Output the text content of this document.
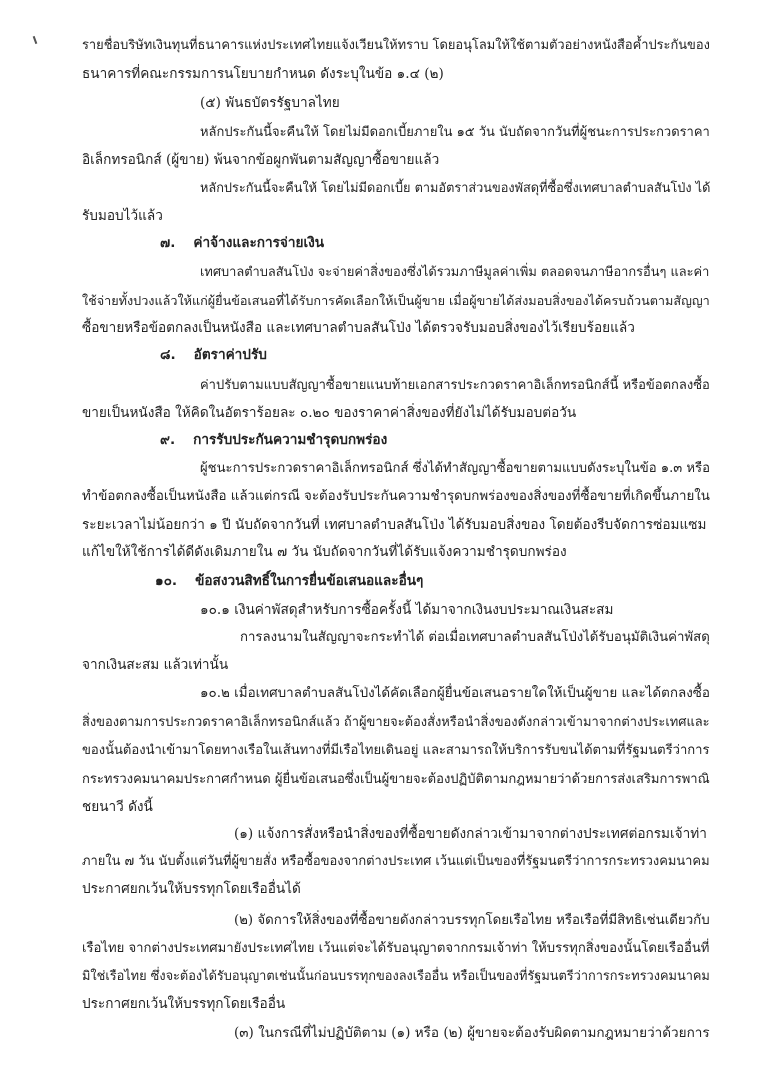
รายชื่อบริษัทเงินทุนที่ธนาคารแห่งประเทศไทยแจ้งเวียนให้ทราบ โดยอนุโลมให้ใช้ตามตัวอย่างหนังสือค้ำประกันของ
ธนาคารที่คณะกรรมการนโยบายกำหนด ดังระบุในข้อ ๑.๔ (๒)
(๕) พันธบัตรรัฐบาลไทย
หลักประกันนี้จะคืนให้ โดยไม่มีดอกเบี้ยภายใน ๑๕ วัน นับถัดจากวันที่ผู้ชนะการประกวดราคา
อิเล็กทรอนิกส์ (ผู้ขาย) พ้นจากข้อผูกพันตามสัญญาซื้อขายแล้ว
หลักประกันนี้จะคืนให้ โดยไม่มีดอกเบี้ย ตามอัตราส่วนของพัสดุที่ซื้อซึ่งเทศบาลตำบลสันโป่ง ได้
รับมอบไว้แล้ว
๗. ค่าจ้างและการจ่ายเงิน
เทศบาลตำบลสันโป่ง จะจ่ายค่าสิ่งของซึ่งได้รวมภาษีมูลค่าเพิ่ม ตลอดจนภาษีอากรอื่นๆ และค่า
ใช้จ่ายทั้งปวงแล้วให้แก่ผู้ยื่นข้อเสนอที่ได้รับการคัดเลือกให้เป็นผู้ขาย เมื่อผู้ขายได้ส่งมอบสิ่งของได้ครบถ้วนตามสัญญา
ซื้อขายหรือข้อตกลงเป็นหนังสือ และเทศบาลตำบลสันโป่ง ได้ตรวจรับมอบสิ่งของไว้เรียบร้อยแล้ว
๘. อัตราค่าปรับ
ค่าปรับตามแบบสัญญาซื้อขายแนบท้ายเอกสารประกวดราคาอิเล็กทรอนิกส์นี้ หรือข้อตกลงซื้อ
ขายเป็นหนังสือ ให้คิดในอัตราร้อยละ ๐.๒๐ ของราคาค่าสิ่งของที่ยังไม่ได้รับมอบต่อวัน
๙. การรับประกันความชำรุดบกพร่อง
ผู้ชนะการประกวดราคาอิเล็กทรอนิกส์ ซึ่งได้ทำสัญญาซื้อขายตามแบบดังระบุในข้อ ๑.๓ หรือ
ทำข้อตกลงซื้อเป็นหนังสือ แล้วแต่กรณี จะต้องรับประกันความชำรุดบกพร่องของสิ่งของที่ซื้อขายที่เกิดขึ้นภายใน
ระยะเวลาไม่น้อยกว่า ๑ ปี นับถัดจากวันที่ เทศบาลตำบลสันโป่ง ได้รับมอบสิ่งของ โดยต้องรีบจัดการซ่อมแซม
แก้ไขให้ใช้การได้ดีดังเดิมภายใน ๗ วัน นับถัดจากวันที่ได้รับแจ้งความชำรุดบกพร่อง
๑๐. ข้อสงวนสิทธิ์ในการยื่นข้อเสนอและอื่นๆ
๑๐.๑ เงินค่าพัสดุสำหรับการซื้อครั้งนี้ ได้มาจากเงินงบประมาณเงินสะสม
การลงนามในสัญญาจะกระทำได้ ต่อเมื่อเทศบาลตำบลสันโป่งได้รับอนุมัติเงินค่าพัสดุ
จากเงินสะสม แล้วเท่านั้น
๑๐.๒ เมื่อเทศบาลตำบลสันโป่งได้คัดเลือกผู้ยื่นข้อเสนอรายใดให้เป็นผู้ขาย และได้ตกลงซื้อ
สิ่งของตามการประกวดราคาอิเล็กทรอนิกส์แล้ว ถ้าผู้ขายจะต้องสั่งหรือนำสิ่งของดังกล่าวเข้ามาจากต่างประเทศและ
ของนั้นต้องนำเข้ามาโดยทางเรือในเส้นทางที่มีเรือไทยเดินอยู่ และสามารถให้บริการรับขนได้ตามที่รัฐมนตรีว่าการ
กระทรวงคมนาคมประกาศกำหนด ผู้ยื่นข้อเสนอซึ่งเป็นผู้ขายจะต้องปฏิบัติตามกฎหมายว่าด้วยการส่งเสริมการพาณิ
ชยนาวี ดังนี้
(๑) แจ้งการสั่งหรือนำสิ่งของที่ซื้อขายดังกล่าวเข้ามาจากต่างประเทศต่อกรมเจ้าท่า
ภายใน ๗ วัน นับตั้งแต่วันที่ผู้ขายสั่ง หรือซื้อของจากต่างประเทศ เว้นแต่เป็นของที่รัฐมนตรีว่าการกระทรวงคมนาคม
ประกาศยกเว้นให้บรรทุกโดยเรืออื่นได้
(๒) จัดการให้สิ่งของที่ซื้อขายดังกล่าวบรรทุกโดยเรือไทย หรือเรือที่มีสิทธิเช่นเดียวกับ
เรือไทย จากต่างประเทศมายังประเทศไทย เว้นแต่จะได้รับอนุญาตจากกรมเจ้าท่า ให้บรรทุกสิ่งของนั้นโดยเรืออื่นที่
มิใช่เรือไทย ซึ่งจะต้องได้รับอนุญาตเช่นนั้นก่อนบรรทุกของลงเรืออื่น หรือเป็นของที่รัฐมนตรีว่าการกระทรวงคมนาคม
ประกาศยกเว้นให้บรรทุกโดยเรืออื่น
(๓) ในกรณีที่ไม่ปฏิบัติตาม (๑) หรือ (๒) ผู้ขายจะต้องรับผิดตามกฎหมายว่าด้วยการ
